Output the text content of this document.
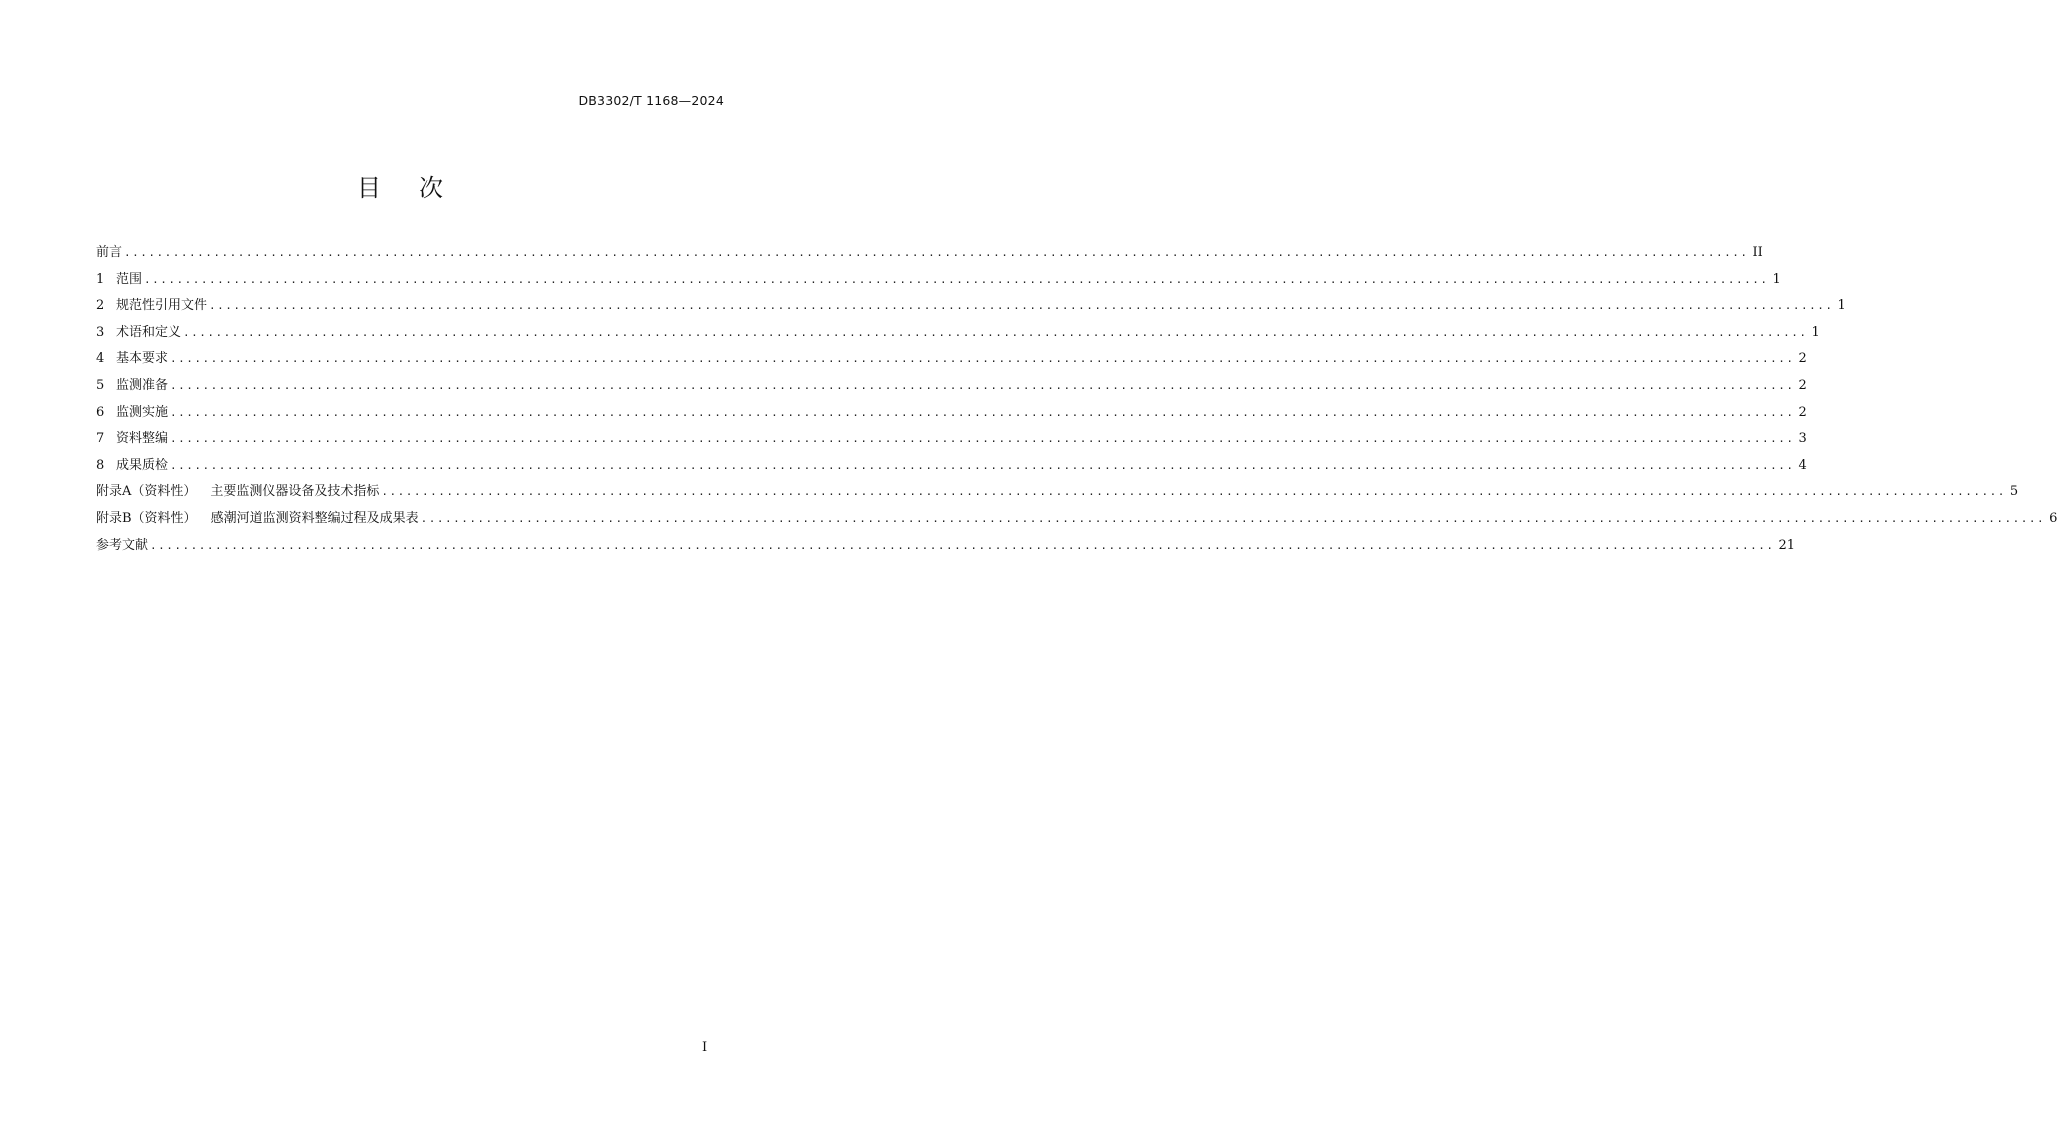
DB3302/T 1168—2024
目次
前言 ........................................................................................................................................................................................................ II
1 范围 ........................................................................................................................................................................................................ 1
2 规范性引用文件 ........................................................................................................................................................................................................ 1
3 术语和定义 ........................................................................................................................................................................................................ 1
4 基本要求 ........................................................................................................................................................................................................ 2
5 监测准备 ........................................................................................................................................................................................................ 2
6 监测实施 ........................................................................................................................................................................................................ 2
7 资料整编 ........................................................................................................................................................................................................ 3
8 成果质检 ........................................................................................................................................................................................................ 4
附录A（资料性） 主要监测仪器设备及技术指标 ........................................................................................................................................................................................................ 5
附录B（资料性） 感潮河道监测资料整编过程及成果表 ........................................................................................................................................................................................................ 6
参考文献 ........................................................................................................................................................................................................ 21
I
